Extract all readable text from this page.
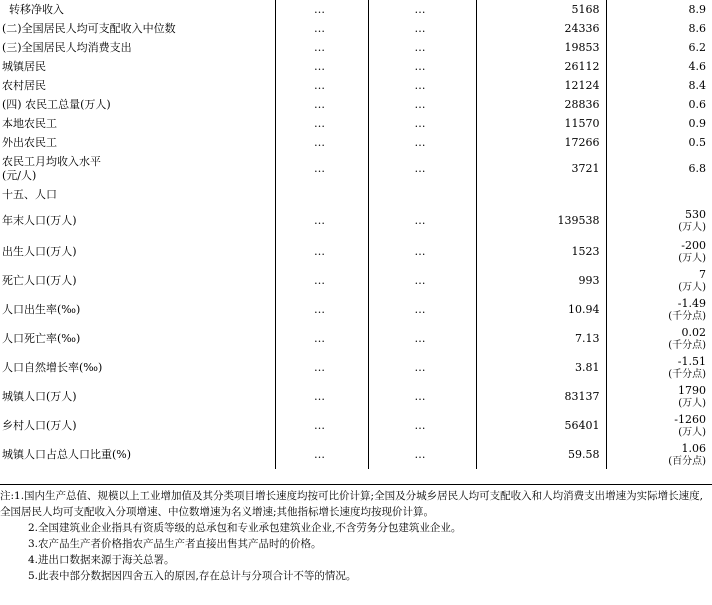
转移净收入	…	…	5168	8.9
(二)全国居民人均可支配收入中位数	…	…	24336	8.6
(三)全国居民人均消费支出	…	…	19853	6.2
城镇居民	…	…	26112	4.6
农村居民	…	…	12124	8.4
(四) 农民工总量(万人)	…	…	28836	0.6
本地农民工	…	…	11570	0.9
外出农民工	…	…	17266	0.5
农民工月均收入水平
(元/人)	…	…	3721	6.8
十五、人口				
年末人口(万人)	…	…	139538	530
(万人)

出生人口(万人)	…	…	1523	-200
(万人)

死亡人口(万人)	…	…	993	7
(万人)

人口出生率(‰)	…	…	10.94	-1.49
(千分点)

人口死亡率(‰)	…	…	7.13	0.02
(千分点)

人口自然增长率(‰)	…	…	3.81	-1.51
(千分点)

城镇人口(万人)	…	…	83137	1790
(万人)

乡村人口(万人)	…	…	56401	-1260
(万人)

城镇人口占总人口比重(%)	…	…	59.58	1.06
(百分点)

注:1.国内生产总值、规模以上工业增加值及其分类项目增长速度均按可比价计算;全国及分城乡居民人均可支配收入和人均消费支出增速为实际增长速度,全国居民人均可支配收入分项增速、中位数增速为名义增速;其他指标增长速度均按现价计算。

2.全国建筑业企业指具有资质等级的总承包和专业承包建筑业企业,不含劳务分包建筑业企业。

3.农产品生产者价格指农产品生产者直接出售其产品时的价格。

4.进出口数据来源于海关总署。

5.此表中部分数据因四舍五入的原因,存在总计与分项合计不等的情况。
